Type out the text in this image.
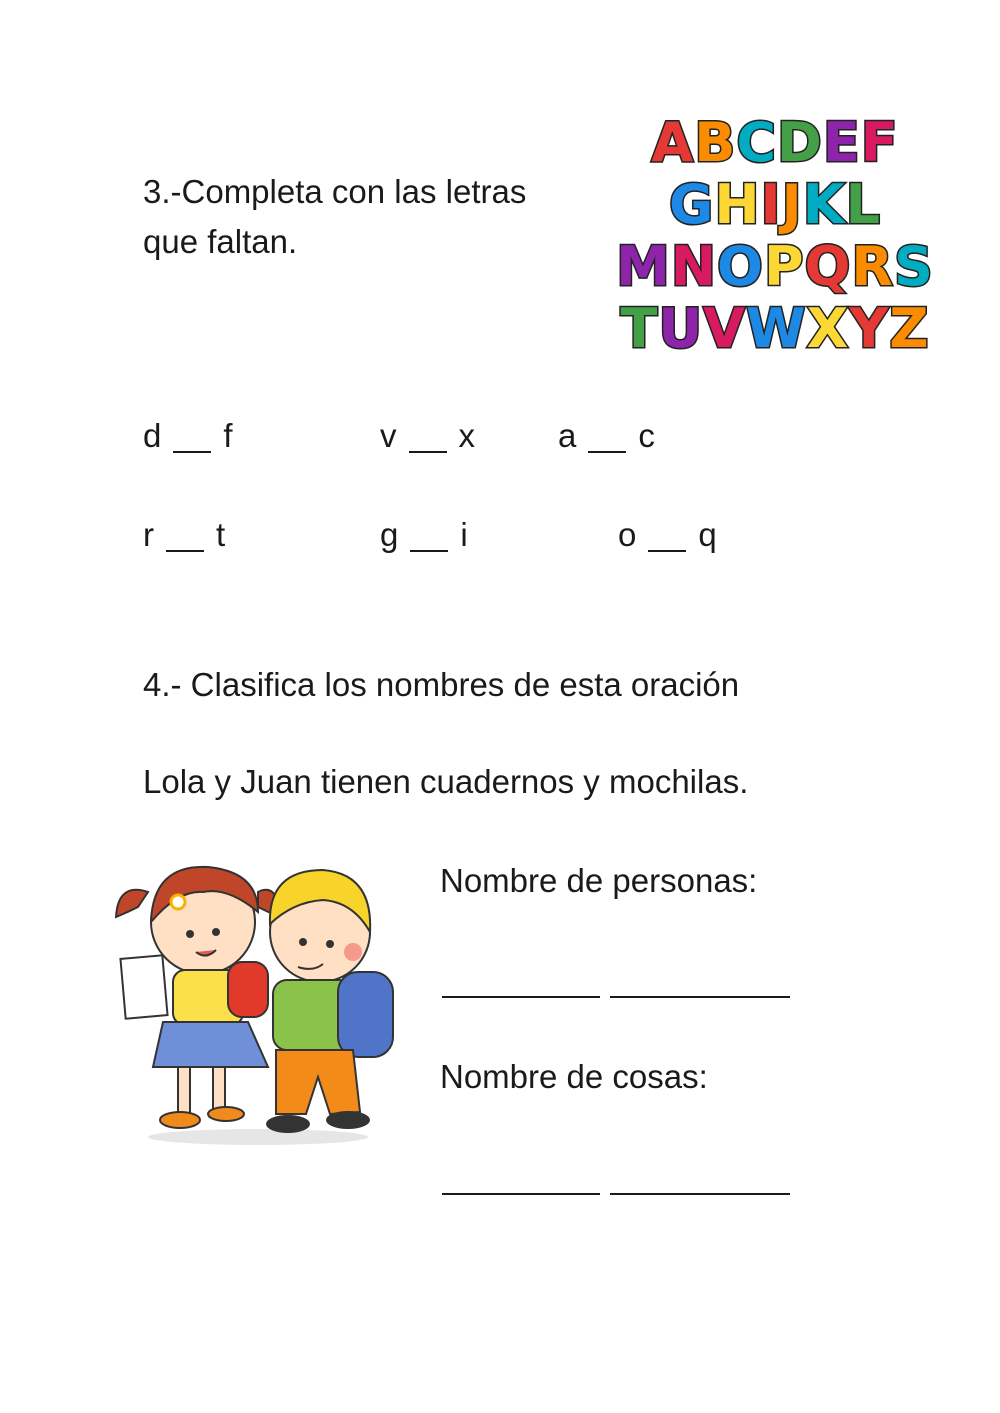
3.-Completa con las letras
que faltan.
A B C D E F
G H I J K L
M N O P Q R S
T U V W X Y Z
d f	v x	a c
r t	g i	o q
4.- Clasifica los nombres de esta oración
Lola y Juan tienen cuadernos y mochilas.
Nombre de personas:
Nombre de cosas:
